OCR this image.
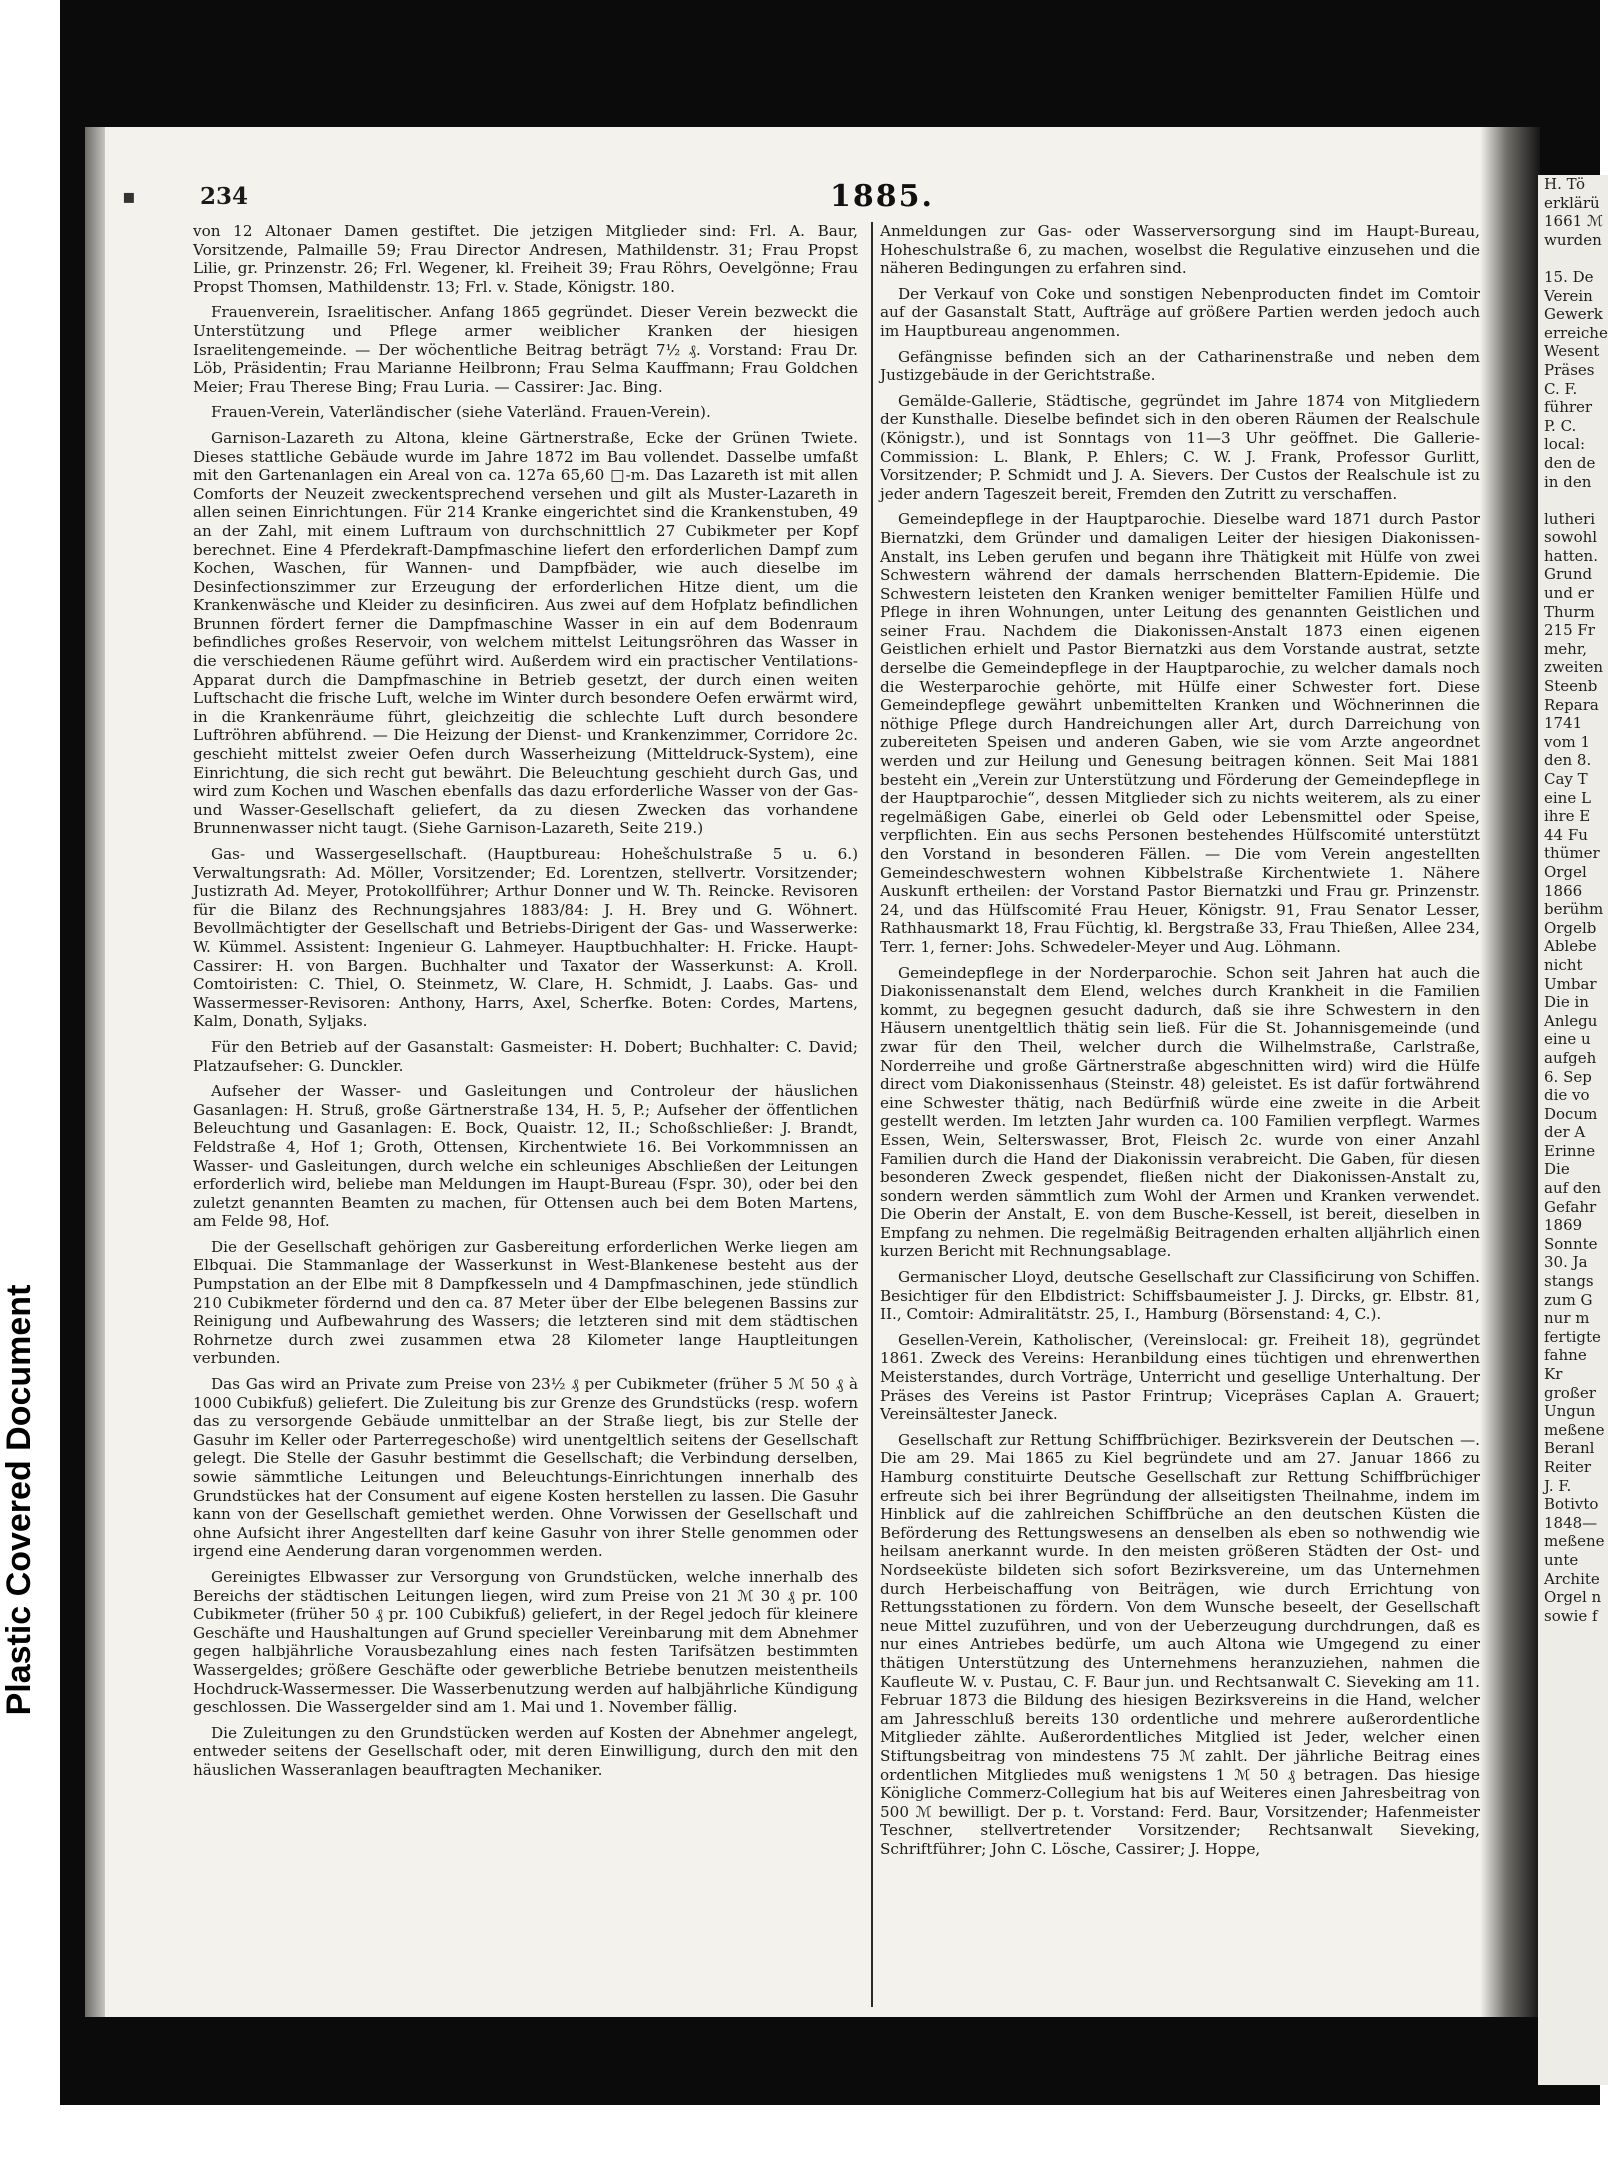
Plastic Covered Document
▪	234	1885.

von 12 Altonaer Damen gestiftet. Die jetzigen Mitglieder sind: Frl. A. Baur, Vorsitzende, Palmaille 59; Frau Director Andresen, Mathildenstr. 31; Frau Propst Lilie, gr. Prinzenstr. 26; Frl. Wegener, kl. Freiheit 39; Frau Röhrs, Oevelgönne; Frau Propst Thomsen, Mathildenstr. 13; Frl. v. Stade, Königstr. 180.

Frauenverein, Israelitischer. Anfang 1865 gegründet. Dieser Verein bezweckt die Unterstützung und Pflege armer weiblicher Kranken der hiesigen Israelitengemeinde. — Der wöchentliche Beitrag beträgt 7½ ₰. Vorstand: Frau Dr. Löb, Präsidentin; Frau Marianne Heilbronn; Frau Selma Kauffmann; Frau Goldchen Meier; Frau Therese Bing; Frau Luria. — Cassirer: Jac. Bing.

Frauen-Verein, Vaterländischer (siehe Vaterländ. Frauen-Verein).

Garnison-Lazareth zu Altona, kleine Gärtnerstraße, Ecke der Grünen Twiete. Dieses stattliche Gebäude wurde im Jahre 1872 im Bau vollendet. Dasselbe umfaßt mit den Gartenanlagen ein Areal von ca. 127a 65,60 □-m. Das Lazareth ist mit allen Comforts der Neuzeit zweckentsprechend versehen und gilt als Muster-Lazareth in allen seinen Einrichtungen. Für 214 Kranke eingerichtet sind die Krankenstuben, 49 an der Zahl, mit einem Luftraum von durchschnittlich 27 Cubikmeter per Kopf berechnet. Eine 4 Pferdekraft-Dampfmaschine liefert den erforderlichen Dampf zum Kochen, Waschen, für Wannen- und Dampfbäder, wie auch dieselbe im Desinfectionszimmer zur Erzeugung der erforderlichen Hitze dient, um die Krankenwäsche und Kleider zu desinficiren. Aus zwei auf dem Hofplatz befindlichen Brunnen fördert ferner die Dampfmaschine Wasser in ein auf dem Bodenraum befindliches großes Reservoir, von welchem mittelst Leitungsröhren das Wasser in die verschiedenen Räume geführt wird. Außerdem wird ein practischer Ventilations-Apparat durch die Dampfmaschine in Betrieb gesetzt, der durch einen weiten Luftschacht die frische Luft, welche im Winter durch besondere Oefen erwärmt wird, in die Krankenräume führt, gleichzeitig die schlechte Luft durch besondere Luftröhren abführend. — Die Heizung der Dienst- und Krankenzimmer, Corridore 2c. geschieht mittelst zweier Oefen durch Wasserheizung (Mitteldruck-System), eine Einrichtung, die sich recht gut bewährt. Die Beleuchtung geschieht durch Gas, und wird zum Kochen und Waschen ebenfalls das dazu erforderliche Wasser von der Gas- und Wasser-Gesellschaft geliefert, da zu diesen Zwecken das vorhandene Brunnenwasser nicht taugt. (Siehe Garnison-Lazareth, Seite 219.)

Gas- und Wassergesellschaft. (Hauptbureau: Hohešchulstraße 5 u. 6.) Verwaltungsrath: Ad. Möller, Vorsitzender; Ed. Lorentzen, stellvertr. Vorsitzender; Justizrath Ad. Meyer, Protokollführer; Arthur Donner und W. Th. Reincke. Revisoren für die Bilanz des Rechnungsjahres 1883/84: J. H. Brey und G. Wöhnert. Bevollmächtigter der Gesellschaft und Betriebs-Dirigent der Gas- und Wasserwerke: W. Kümmel. Assistent: Ingenieur G. Lahmeyer. Hauptbuchhalter: H. Fricke. Haupt-Cassirer: H. von Bargen. Buchhalter und Taxator der Wasserkunst: A. Kroll. Comtoiristen: C. Thiel, O. Steinmetz, W. Clare, H. Schmidt, J. Laabs. Gas- und Wassermesser-Revisoren: Anthony, Harrs, Axel, Scherfke. Boten: Cordes, Martens, Kalm, Donath, Syljaks.

Für den Betrieb auf der Gasanstalt: Gasmeister: H. Dobert; Buchhalter: C. David; Platzaufseher: G. Dunckler.

Aufseher der Wasser- und Gasleitungen und Controleur der häuslichen Gasanlagen: H. Struß, große Gärtnerstraße 134, H. 5, P.; Aufseher der öffentlichen Beleuchtung und Gasanlagen: E. Bock, Quaistr. 12, II.; Schoßschließer: J. Brandt, Feldstraße 4, Hof 1; Groth, Ottensen, Kirchentwiete 16. Bei Vorkommnissen an Wasser- und Gasleitungen, durch welche ein schleuniges Abschließen der Leitungen erforderlich wird, beliebe man Meldungen im Haupt-Bureau (Fspr. 30), oder bei den zuletzt genannten Beamten zu machen, für Ottensen auch bei dem Boten Martens, am Felde 98, Hof.

Die der Gesellschaft gehörigen zur Gasbereitung erforderlichen Werke liegen am Elbquai. Die Stammanlage der Wasserkunst in West-Blankenese besteht aus der Pumpstation an der Elbe mit 8 Dampfkesseln und 4 Dampfmaschinen, jede stündlich 210 Cubikmeter fördernd und den ca. 87 Meter über der Elbe belegenen Bassins zur Reinigung und Aufbewahrung des Wassers; die letzteren sind mit dem städtischen Rohrnetze durch zwei zusammen etwa 28 Kilometer lange Hauptleitungen verbunden.

Das Gas wird an Private zum Preise von 23½ ₰ per Cubikmeter (früher 5 ℳ 50 ₰ à 1000 Cubikfuß) geliefert. Die Zuleitung bis zur Grenze des Grundstücks (resp. wofern das zu versorgende Gebäude unmittelbar an der Straße liegt, bis zur Stelle der Gasuhr im Keller oder Parterregeschoße) wird unentgeltlich seitens der Gesellschaft gelegt. Die Stelle der Gasuhr bestimmt die Gesellschaft; die Verbindung derselben, sowie sämmtliche Leitungen und Beleuchtungs-Einrichtungen innerhalb des Grundstückes hat der Consument auf eigene Kosten herstellen zu lassen. Die Gasuhr kann von der Gesellschaft gemiethet werden. Ohne Vorwissen der Gesellschaft und ohne Aufsicht ihrer Angestellten darf keine Gasuhr von ihrer Stelle genommen oder irgend eine Aenderung daran vorgenommen werden.

Gereinigtes Elbwasser zur Versorgung von Grundstücken, welche innerhalb des Bereichs der städtischen Leitungen liegen, wird zum Preise von 21 ℳ 30 ₰ pr. 100 Cubikmeter (früher 50 ₰ pr. 100 Cubikfuß) geliefert, in der Regel jedoch für kleinere Geschäfte und Haushaltungen auf Grund specieller Vereinbarung mit dem Abnehmer gegen halbjährliche Vorausbezahlung eines nach festen Tarifsätzen bestimmten Wassergeldes; größere Geschäfte oder gewerbliche Betriebe benutzen meistentheils Hochdruck-Wassermesser. Die Wasserbenutzung werden auf halbjährliche Kündigung geschlossen. Die Wassergelder sind am 1. Mai und 1. November fällig.

Die Zuleitungen zu den Grundstücken werden auf Kosten der Abnehmer angelegt, entweder seitens der Gesellschaft oder, mit deren Einwilligung, durch den mit den häuslichen Wasseranlagen beauftragten Mechaniker.

Anmeldungen zur Gas- oder Wasserversorgung sind im Haupt-Bureau, Hoheschulstraße 6, zu machen, woselbst die Regulative einzusehen und die näheren Bedingungen zu erfahren sind.

Der Verkauf von Coke und sonstigen Nebenproducten findet im Comtoir auf der Gasanstalt Statt, Aufträge auf größere Partien werden jedoch auch im Hauptbureau angenommen.

Gefängnisse befinden sich an der Catharinenstraße und neben dem Justizgebäude in der Gerichtstraße.

Gemälde-Gallerie, Städtische, gegründet im Jahre 1874 von Mitgliedern der Kunsthalle. Dieselbe befindet sich in den oberen Räumen der Realschule (Königstr.), und ist Sonntags von 11—3 Uhr geöffnet. Die Gallerie-Commission: L. Blank, P. Ehlers; C. W. J. Frank, Professor Gurlitt, Vorsitzender; P. Schmidt und J. A. Sievers. Der Custos der Realschule ist zu jeder andern Tageszeit bereit, Fremden den Zutritt zu verschaffen.

Gemeindepflege in der Hauptparochie. Dieselbe ward 1871 durch Pastor Biernatzki, dem Gründer und damaligen Leiter der hiesigen Diakonissen-Anstalt, ins Leben gerufen und begann ihre Thätigkeit mit Hülfe von zwei Schwestern während der damals herrschenden Blattern-Epidemie. Die Schwestern leisteten den Kranken weniger bemittelter Familien Hülfe und Pflege in ihren Wohnungen, unter Leitung des genannten Geistlichen und seiner Frau. Nachdem die Diakonissen-Anstalt 1873 einen eigenen Geistlichen erhielt und Pastor Biernatzki aus dem Vorstande austrat, setzte derselbe die Gemeindepflege in der Hauptparochie, zu welcher damals noch die Westerparochie gehörte, mit Hülfe einer Schwester fort. Diese Gemeindepflege gewährt unbemittelten Kranken und Wöchnerinnen die nöthige Pflege durch Handreichungen aller Art, durch Darreichung von zubereiteten Speisen und anderen Gaben, wie sie vom Arzte angeordnet werden und zur Heilung und Genesung beitragen können. Seit Mai 1881 besteht ein „Verein zur Unterstützung und Förderung der Gemeindepflege in der Hauptparochie“, dessen Mitglieder sich zu nichts weiterem, als zu einer regelmäßigen Gabe, einerlei ob Geld oder Lebensmittel oder Speise, verpflichten. Ein aus sechs Personen bestehendes Hülfscomité unterstützt den Vorstand in besonderen Fällen. — Die vom Verein angestellten Gemeindeschwestern wohnen Kibbelstraße Kirchentwiete 1. Nähere Auskunft ertheilen: der Vorstand Pastor Biernatzki und Frau gr. Prinzenstr. 24, und das Hülfscomité Frau Heuer, Königstr. 91, Frau Senator Lesser, Rathhausmarkt 18, Frau Füchtig, kl. Bergstraße 33, Frau Thießen, Allee 234, Terr. 1, ferner: Johs. Schwedeler-Meyer und Aug. Löhmann.

Gemeindepflege in der Norderparochie. Schon seit Jahren hat auch die Diakonissenanstalt dem Elend, welches durch Krankheit in die Familien kommt, zu begegnen gesucht dadurch, daß sie ihre Schwestern in den Häusern unentgeltlich thätig sein ließ. Für die St. Johannisgemeinde (und zwar für den Theil, welcher durch die Wilhelmstraße, Carlstraße, Norderreihe und große Gärtnerstraße abgeschnitten wird) wird die Hülfe direct vom Diakonissenhaus (Steinstr. 48) geleistet. Es ist dafür fortwährend eine Schwester thätig, nach Bedürfniß würde eine zweite in die Arbeit gestellt werden. Im letzten Jahr wurden ca. 100 Familien verpflegt. Warmes Essen, Wein, Selterswasser, Brot, Fleisch 2c. wurde von einer Anzahl Familien durch die Hand der Diakonissin verabreicht. Die Gaben, für diesen besonderen Zweck gespendet, fließen nicht der Diakonissen-Anstalt zu, sondern werden sämmtlich zum Wohl der Armen und Kranken verwendet. Die Oberin der Anstalt, E. von dem Busche-Kessell, ist bereit, dieselben in Empfang zu nehmen. Die regelmäßig Beitragenden erhalten alljährlich einen kurzen Bericht mit Rechnungsablage.

Germanischer Lloyd, deutsche Gesellschaft zur Classificirung von Schiffen. Besichtiger für den Elbdistrict: Schiffsbaumeister J. J. Dircks, gr. Elbstr. 81, II., Comtoir: Admiralitätstr. 25, I., Hamburg (Börsenstand: 4, C.).

Gesellen-Verein, Katholischer, (Vereinslocal: gr. Freiheit 18), gegründet 1861. Zweck des Vereins: Heranbildung eines tüchtigen und ehrenwerthen Meisterstandes, durch Vorträge, Unterricht und gesellige Unterhaltung. Der Präses des Vereins ist Pastor Frintrup; Vicepräses Caplan A. Grauert; Vereinsältester Janeck.

Gesellschaft zur Rettung Schiffbrüchiger. Bezirksverein der Deutschen —. Die am 29. Mai 1865 zu Kiel begründete und am 27. Januar 1866 zu Hamburg constituirte Deutsche Gesellschaft zur Rettung Schiffbrüchiger erfreute sich bei ihrer Begründung der allseitigsten Theilnahme, indem im Hinblick auf die zahlreichen Schiffbrüche an den deutschen Küsten die Beförderung des Rettungswesens an denselben als eben so nothwendig wie heilsam anerkannt wurde. In den meisten größeren Städten der Ost- und Nordseeküste bildeten sich sofort Bezirksvereine, um das Unternehmen durch Herbeischaffung von Beiträgen, wie durch Errichtung von Rettungsstationen zu fördern. Von dem Wunsche beseelt, der Gesellschaft neue Mittel zuzuführen, und von der Ueberzeugung durchdrungen, daß es nur eines Antriebes bedürfe, um auch Altona wie Umgegend zu einer thätigen Unterstützung des Unternehmens heranzuziehen, nahmen die Kaufleute W. v. Pustau, C. F. Baur jun. und Rechtsanwalt C. Sieveking am 11. Februar 1873 die Bildung des hiesigen Bezirksvereins in die Hand, welcher am Jahresschluß bereits 130 ordentliche und mehrere außerordentliche Mitglieder zählte. Außerordentliches Mitglied ist Jeder, welcher einen Stiftungsbeitrag von mindestens 75 ℳ zahlt. Der jährliche Beitrag eines ordentlichen Mitgliedes muß wenigstens 1 ℳ 50 ₰ betragen. Das hiesige Königliche Commerz-Collegium hat bis auf Weiteres einen Jahresbeitrag von 500 ℳ bewilligt. Der p. t. Vorstand: Ferd. Baur, Vorsitzender; Hafenmeister Teschner, stellvertretender Vorsitzender; Rechtsanwalt Sieveking, Schriftführer; John C. Lösche, Cassirer; J. Hoppe,

H. Tö
erklärü
1661 ℳ
wurden

15. De
Verein
Gewerk
erreiche
Wesent
Präses
C. F.
führer
P. C.
local:
den de
in den

lutheri
sowohl
hatten.
Grund
und er
Thurm
215 Fr
mehr,
zweiten
Steenb
Repara
1741
vom 1
den 8.
Cay T
eine L
ihre E
44 Fu
thümer
Orgel
1866
berühm
Orgelb
Ablebe
nicht
Umbar
Die in
Anlegu
eine u
aufgeh
6. Sep
die vo
Docum
der A
Erinne
Die
auf den
Gefahr
1869
Sonnte
30. Ja
stangs
zum G
nur m
fertigte
fahne
Kr
großer
Ungun
meßene
Beranl
Reiter
J. F.
Botivto
1848—
meßene
unte
Archite
Orgel n
sowie f
